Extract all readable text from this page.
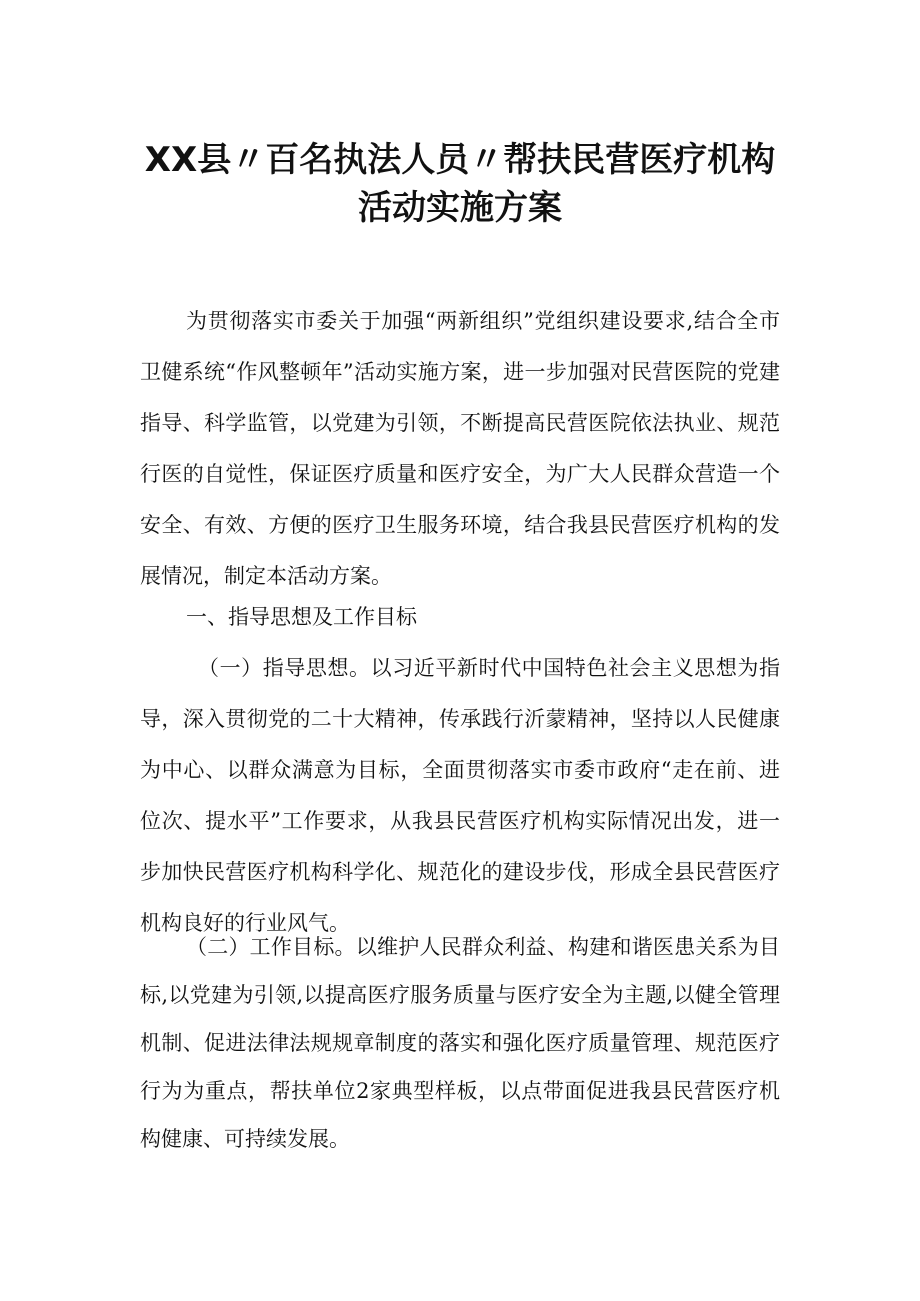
XX县〃百名执法人员〃帮扶民营医疗机构
活动实施方案

为贯彻落实市委关于加强“两新组织”党组织建设要求,结合全市卫健系统“作风整顿年”活动实施方案，进一步加强对民营医院的党建指导、科学监管，以党建为引领，不断提高民营医院依法执业、规范行医的自觉性，保证医疗质量和医疗安全，为广大人民群众营造一个安全、有效、方便的医疗卫生服务环境，结合我县民营医疗机构的发展情况，制定本活动方案。

一、指导思想及工作目标

（一）指导思想。以习近平新时代中国特色社会主义思想为指导，深入贯彻党的二十大精神，传承践行沂蒙精神，坚持以人民健康为中心、以群众满意为目标，全面贯彻落实市委市政府“走在前、进位次、提水平”工作要求，从我县民营医疗机构实际情况出发，进一步加快民营医疗机构科学化、规范化的建设步伐，形成全县民营医疗机构良好的行业风气。

（二）工作目标。以维护人民群众利益、构建和谐医患关系为目标,以党建为引领,以提高医疗服务质量与医疗安全为主题,以健全管理机制、促进法律法规规章制度的落实和强化医疗质量管理、规范医疗行为为重点，帮扶单位2家典型样板，以点带面促进我县民营医疗机构健康、可持续发展。
